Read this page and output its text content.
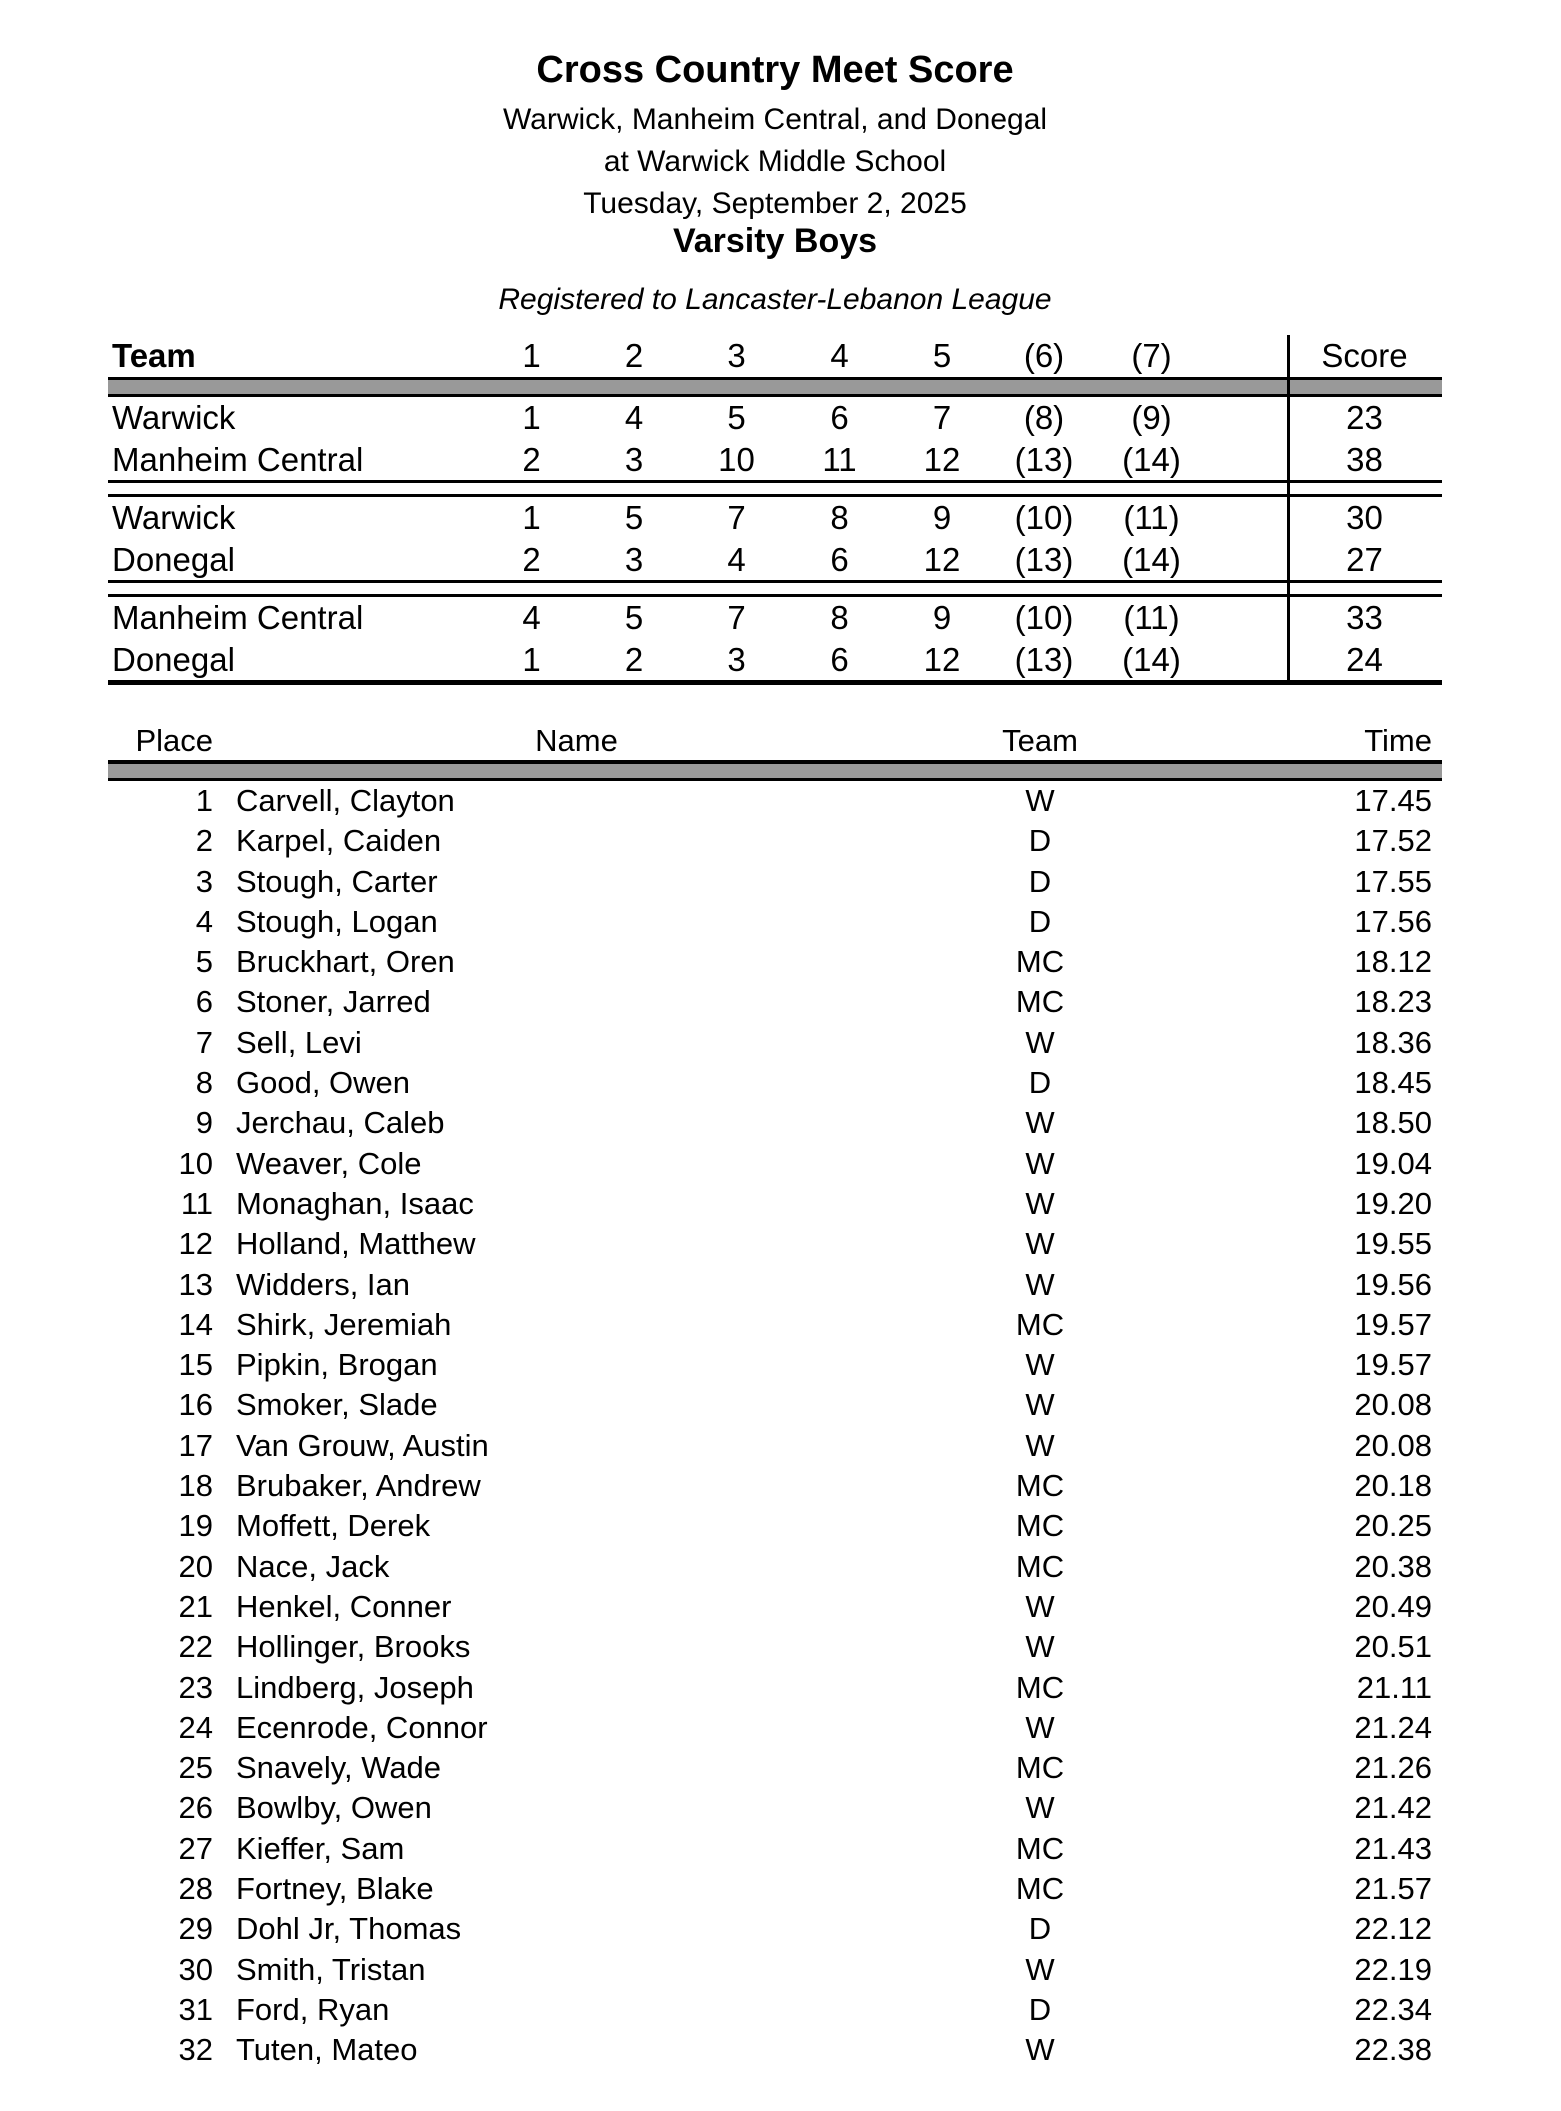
Cross Country Meet Score
Warwick, Manheim Central, and Donegal
at Warwick Middle School
Tuesday, September 2, 2025
Varsity Boys
Registered to Lancaster-Lebanon League
Team	1	2	3	4	5	(6)	(7)	Score
Warwick	1	4	5	6	7	(8)	(9)	23
Manheim Central	2	3	10	11	12	(13)	(14)	38
Warwick	1	5	7	8	9	(10)	(11)	30
Donegal	2	3	4	6	12	(13)	(14)	27
Manheim Central	4	5	7	8	9	(10)	(11)	33
Donegal	1	2	3	6	12	(13)	(14)	24
Place	Name	Team	Time
1 Carvell, Clayton	W	17.45
2 Karpel, Caiden	D	17.52
3 Stough, Carter	D	17.55
4 Stough, Logan	D	17.56
5 Bruckhart, Oren	MC	18.12
6 Stoner, Jarred	MC	18.23
7 Sell, Levi	W	18.36
8 Good, Owen	D	18.45
9 Jerchau, Caleb	W	18.50
10 Weaver, Cole	W	19.04
11 Monaghan, Isaac	W	19.20
12 Holland, Matthew	W	19.55
13 Widders, Ian	W	19.56
14 Shirk, Jeremiah	MC	19.57
15 Pipkin, Brogan	W	19.57
16 Smoker, Slade	W	20.08
17 Van Grouw, Austin	W	20.08
18 Brubaker, Andrew	MC	20.18
19 Moffett, Derek	MC	20.25
20 Nace, Jack	MC	20.38
21 Henkel, Conner	W	20.49
22 Hollinger, Brooks	W	20.51
23 Lindberg, Joseph	MC	21.11
24 Ecenrode, Connor	W	21.24
25 Snavely, Wade	MC	21.26
26 Bowlby, Owen	W	21.42
27 Kieffer, Sam	MC	21.43
28 Fortney, Blake	MC	21.57
29 Dohl Jr, Thomas	D	22.12
30 Smith, Tristan	W	22.19
31 Ford, Ryan	D	22.34
32 Tuten, Mateo	W	22.38
